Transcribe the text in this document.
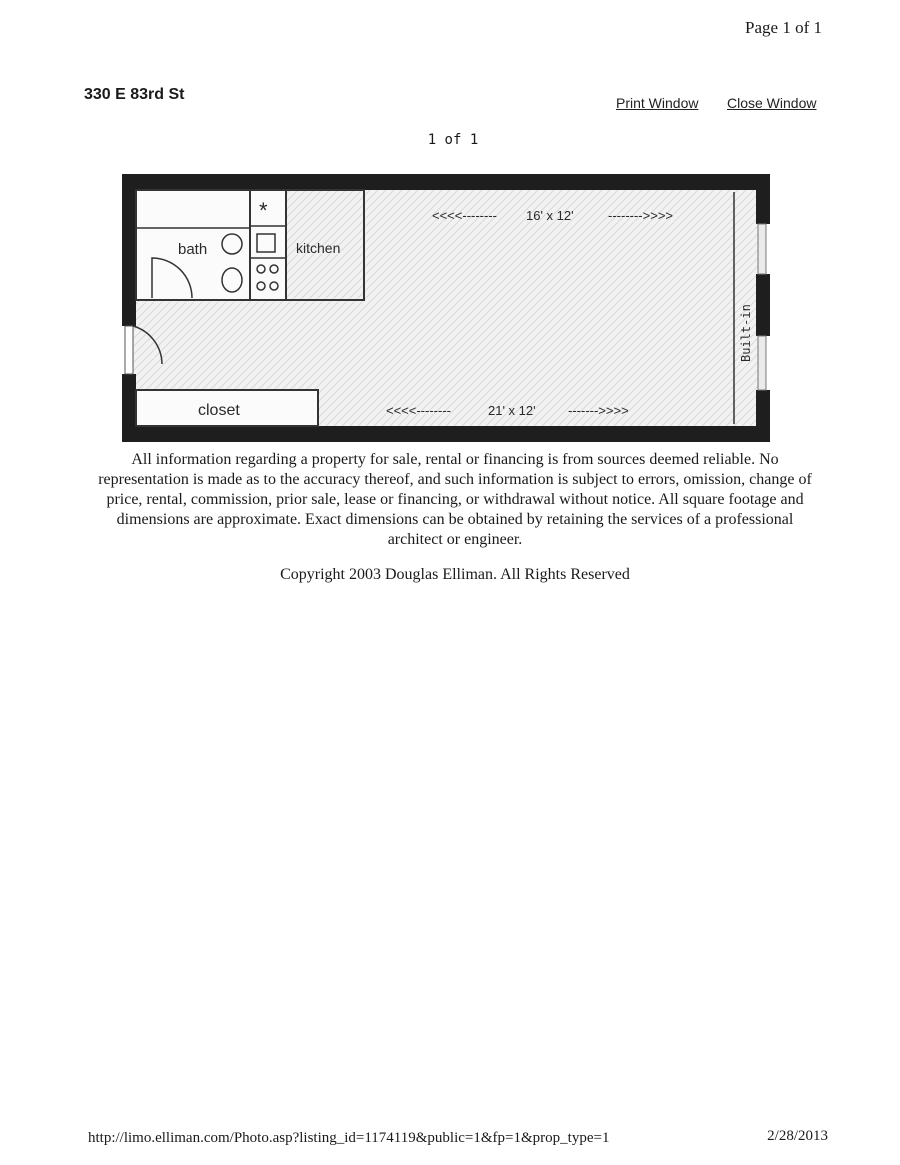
Page 1 of 1
330 E 83rd St	Print Window Close Window
1 of 1
*
bath	kitchen
closet
Built-in
<<<<-------- 16' x 12'	-------->>>>
<<<<--------	21' x 12' ------->>>>
All information regarding a property for sale, rental or financing is from sources deemed reliable. No representation is made as to the accuracy thereof, and such information is subject to errors, omission, change of price, rental, commission, prior sale, lease or financing, or withdrawal without notice. All square footage and dimensions are approximate. Exact dimensions can be obtained by retaining the services of a professional architect or engineer.
Copyright 2003 Douglas Elliman. All Rights Reserved
http://limo.elliman.com/Photo.asp?listing_id=1174119&public=1&fp=1&prop_type=1	2/28/2013
